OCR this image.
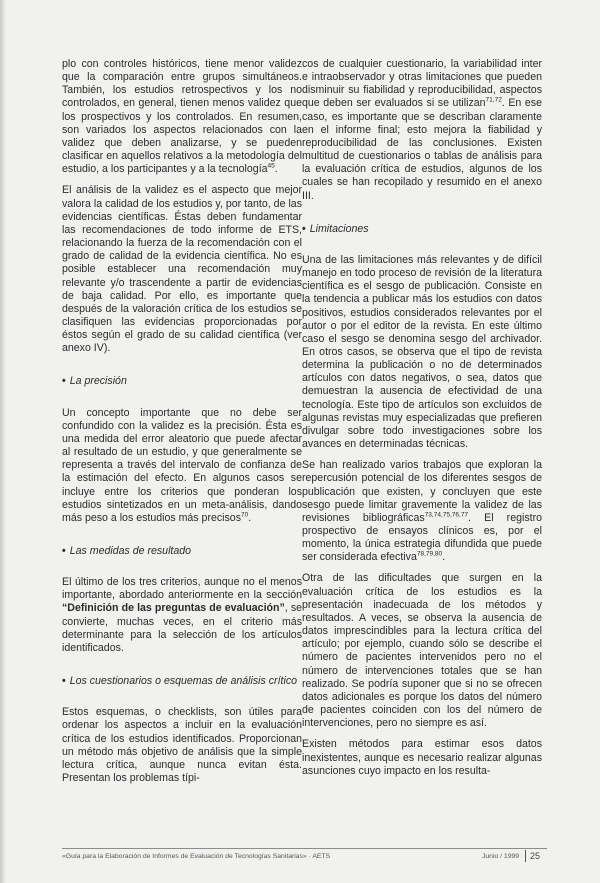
plo con controles históricos, tiene menor validez que la comparación entre grupos simultáneos. También, los estudios retrospectivos y los no controlados, en general, tienen menos validez que los prospectivos y los controlados. En resumen, son variados los aspectos relacionados con la validez que deben analizarse, y se pueden clasificar en aquellos relativos a la metodología del estudio, a los participantes y a la tecnología$^{45}$.

El análisis de la validez es el aspecto que mejor valora la calidad de los estudios y, por tanto, de las evidencias científicas. Éstas deben fundamentar las recomendaciones de todo informe de ETS, relacionando la fuerza de la recomendación con el grado de calidad de la evidencia científica. No es posible establecer una recomendación muy relevante y/o trascendente a partir de evidencias de baja calidad. Por ello, es importante que después de la valoración crítica de los estudios se clasifiquen las evidencias proporcionadas por éstos según el grado de su calidad científica (ver anexo IV).

• La precisión

Un concepto importante que no debe ser confundido con la validez es la precisión. Ésta es una medida del error aleatorio que puede afectar al resultado de un estudio, y que generalmente se representa a través del intervalo de confianza de la estimación del efecto. En algunos casos se incluye entre los criterios que ponderan los estudios sintetizados en un meta-análisis, dando más peso a los estudios más precisos$^{70}$.

• Las medidas de resultado

El último de los tres criterios, aunque no el menos importante, abordado anteriormente en la sección “Definición de las preguntas de evaluación”, se convierte, muchas veces, en el criterio más determinante para la selección de los artículos identificados.

• Los cuestionarios o esquemas de análisis crítico

Estos esquemas, o checklists, son útiles para ordenar los aspectos a incluir en la evaluación crítica de los estudios identificados. Proporcionan un método más objetivo de análisis que la simple lectura crítica, aunque nunca evitan ésta. Presentan los problemas típi-

cos de cualquier cuestionario, la variabilidad inter e intraobservador y otras limitaciones que pueden disminuir su fiabilidad y reproducibilidad, aspectos que deben ser evaluados si se utilizan$^{71,72}$. En ese caso, es importante que se describan claramente en el informe final; esto mejora la fiabilidad y reproducibilidad de las conclusiones. Existen multitud de cuestionarios o tablas de análisis para la evaluación crítica de estudios, algunos de los cuales se han recopilado y resumido en el anexo III.

• Limitaciones

Una de las limitaciones más relevantes y de difícil manejo en todo proceso de revisión de la literatura científica es el sesgo de publicación. Consiste en la tendencia a publicar más los estudios con datos positivos, estudios considerados relevantes por el autor o por el editor de la revista. En este último caso el sesgo se denomina sesgo del archivador. En otros casos, se observa que el tipo de revista determina la publicación o no de determinados artículos con datos negativos, o sea, datos que demuestran la ausencia de efectividad de una tecnología. Este tipo de artículos son excluidos de algunas revistas muy especializadas que prefieren divulgar sobre todo investigaciones sobre los avances en determinadas técnicas.

Se han realizado varios trabajos que exploran la repercusión potencial de los diferentes sesgos de publicación que existen, y concluyen que este sesgo puede limitar gravemente la validez de las revisiones bibliográficas$^{73,74,75,76,77}$. El registro prospectivo de ensayos clínicos es, por el momento, la única estrategia difundida que puede ser considerada efectiva$^{78,79,80}$.

Otra de las dificultades que surgen en la evaluación crítica de los estudios es la presentación inadecuada de los métodos y resultados. A veces, se observa la ausencia de datos imprescindibles para la lectura crítica del artículo; por ejemplo, cuando sólo se describe el número de pacientes intervenidos pero no el número de intervenciones totales que se han realizado. Se podría suponer que si no se ofrecen datos adicionales es porque los datos del número de pacientes coinciden con los del número de intervenciones, pero no siempre es así.

Existen métodos para estimar esos datos inexistentes, aunque es necesario realizar algunas asunciones cuyo impacto en los resulta-

«Guía para la Elaboración de Informes de Evaluación de Tecnologías Sanitarias» · AETS	Junio / 1999 25
